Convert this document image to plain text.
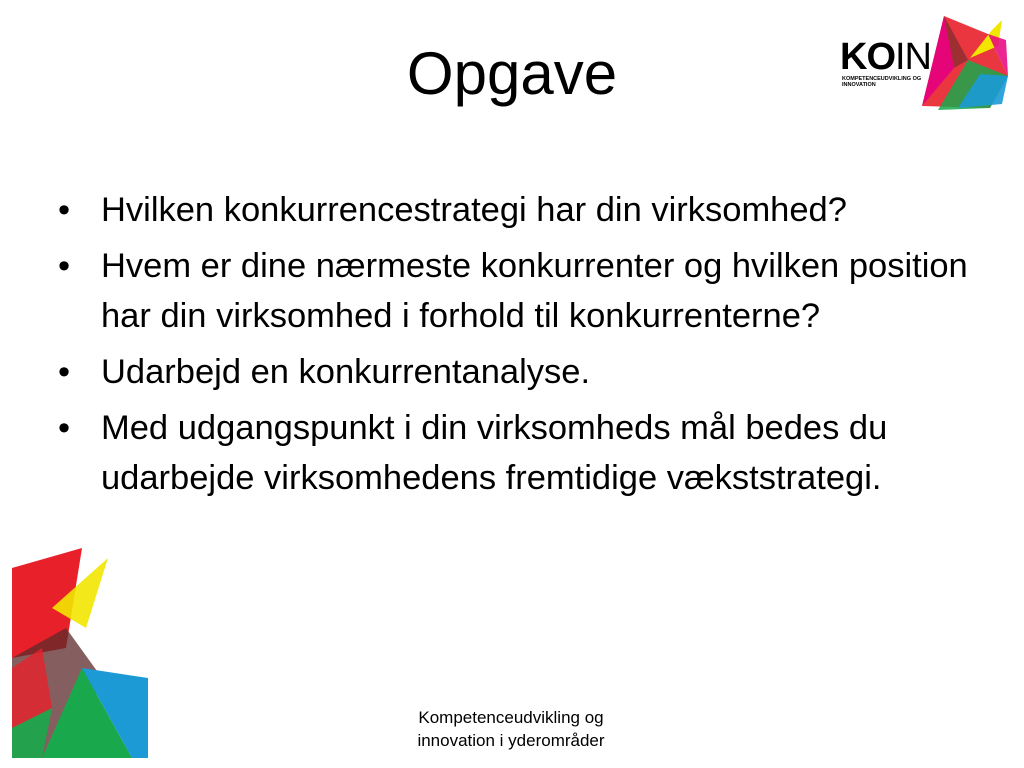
Opgave	KOIN
KOMPETENCEUDVIKLING OG INNOVATION
• Hvilken konkurrencestrategi har din virksomhed?
• Hvem er dine nærmeste konkurrenter og hvilken position har din virksomhed i forhold til konkurrenterne?
• Udarbejd en konkurrentanalyse.
• Med udgangspunkt i din virksomheds mål bedes du udarbejde virksomhedens fremtidige vækststrategi.
Kompetenceudvikling og
innovation i yderområder
